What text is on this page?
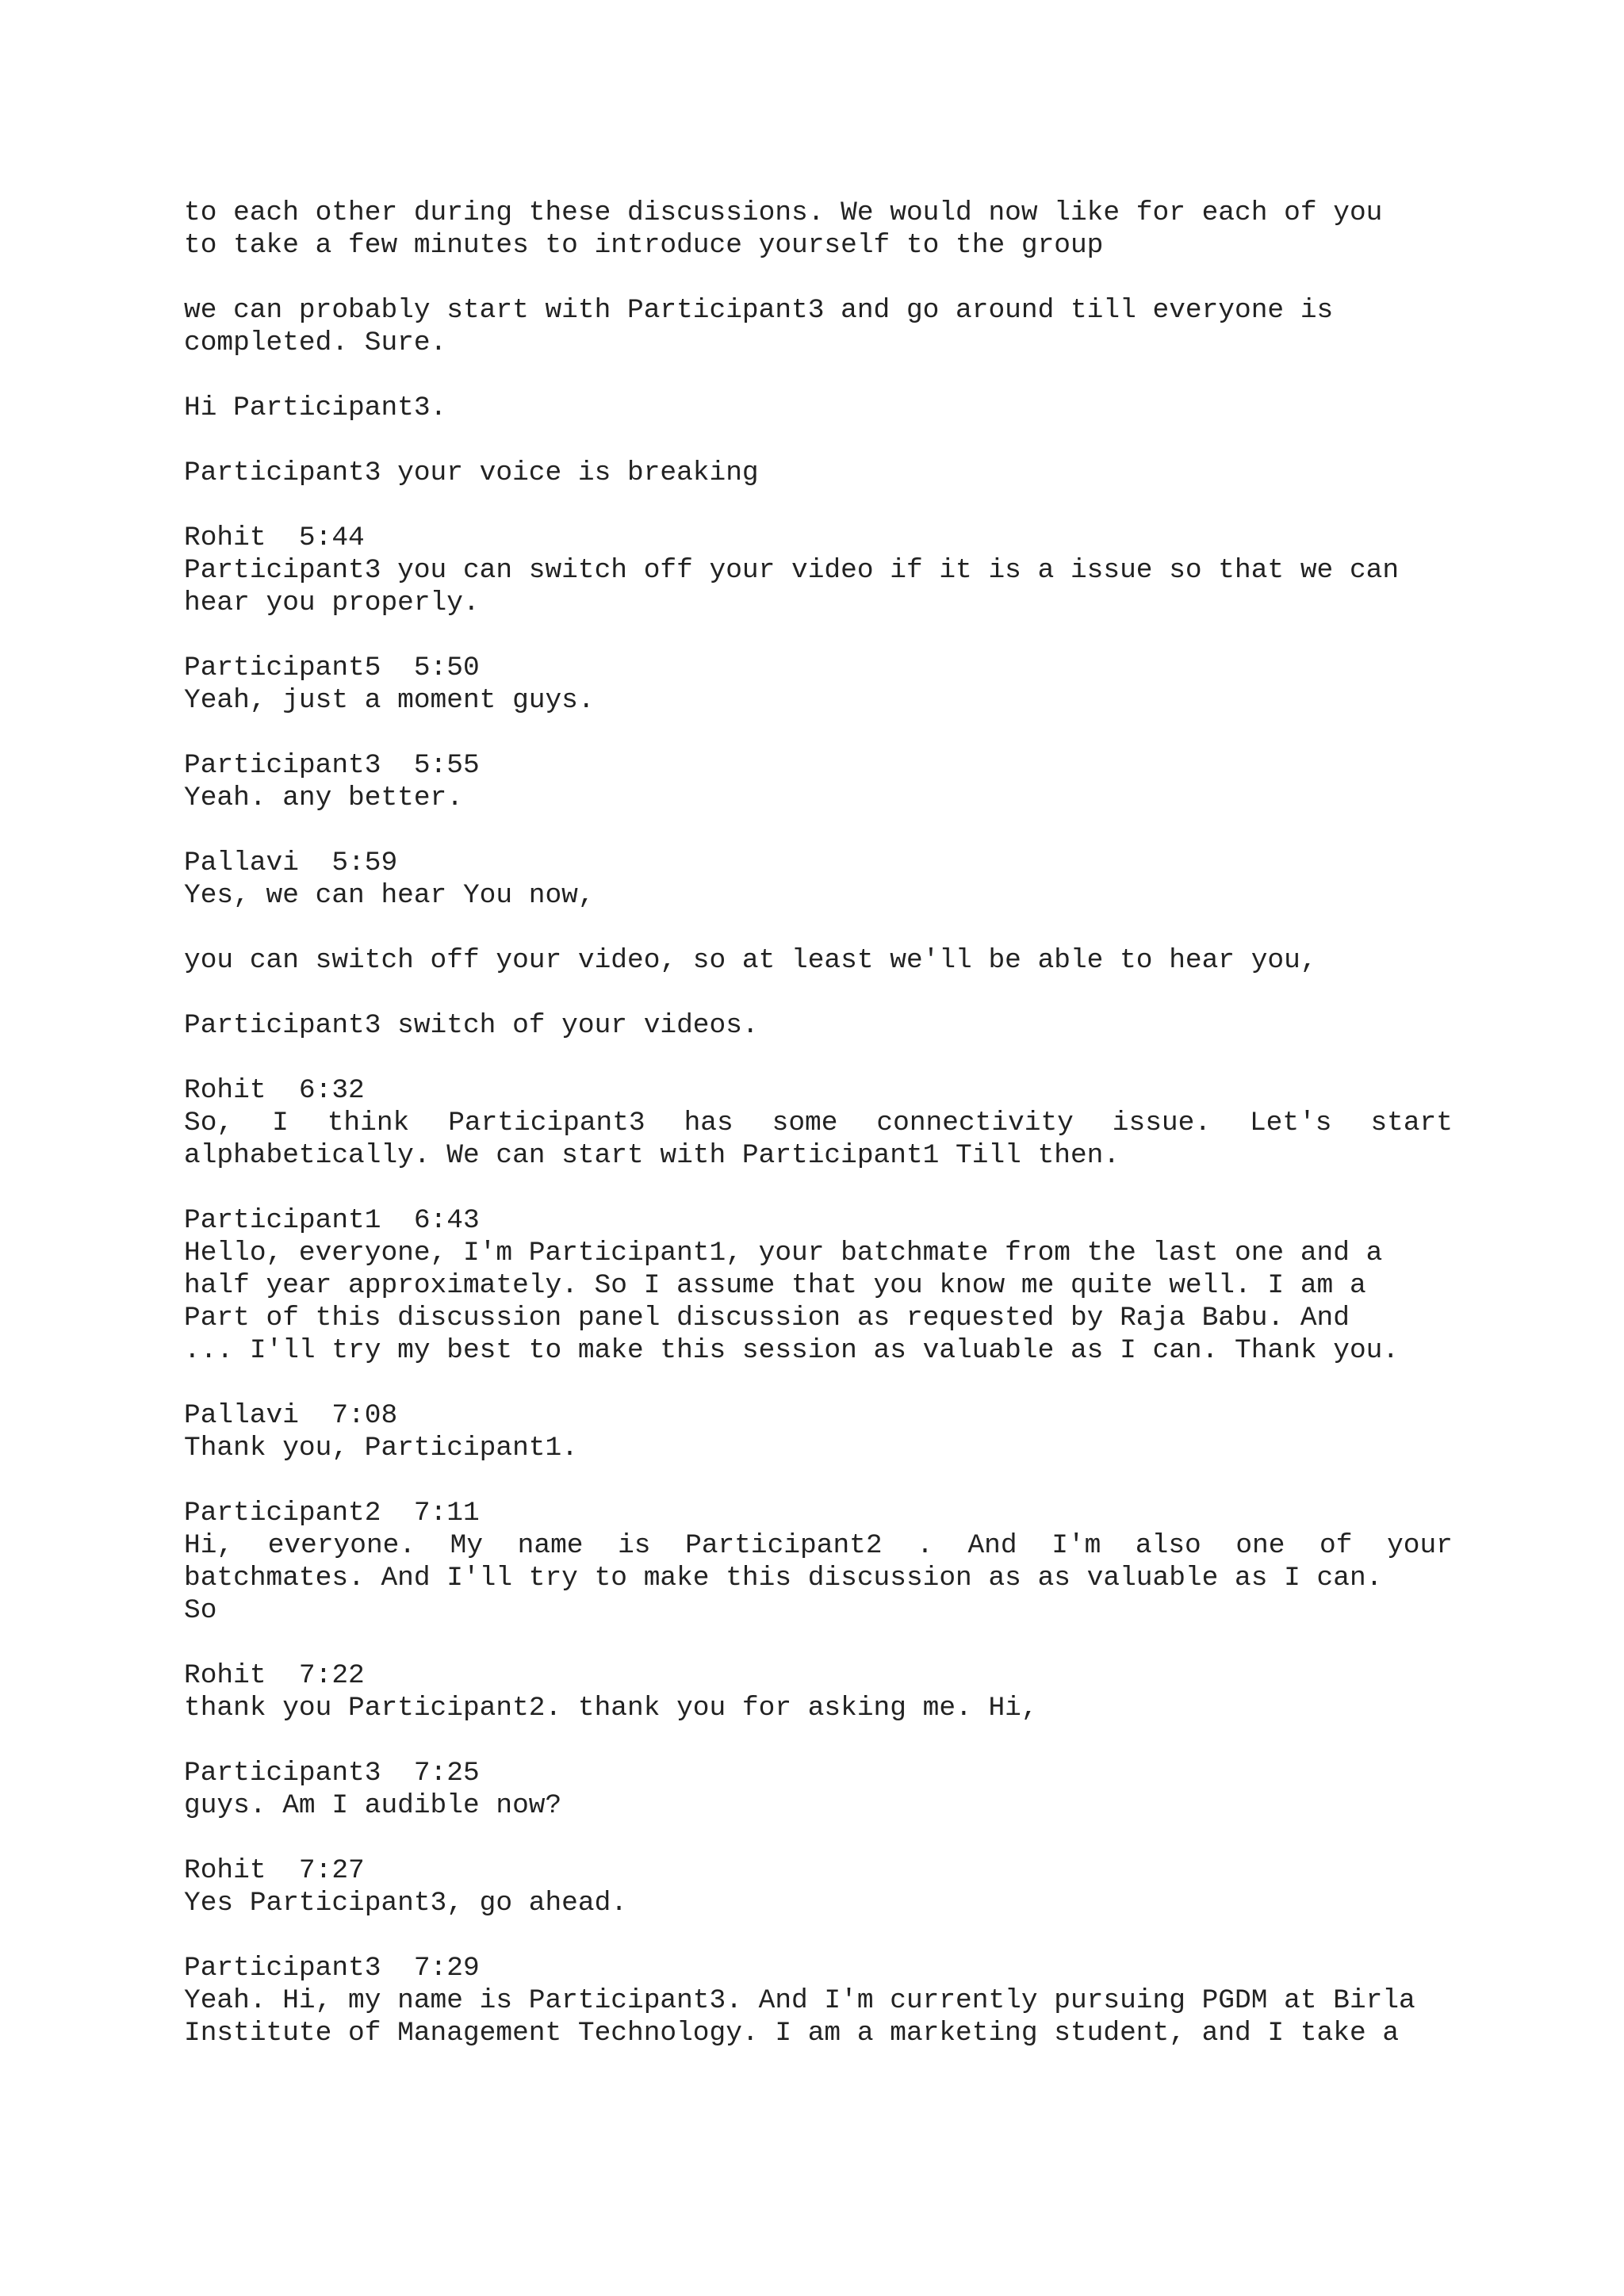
to each other during these discussions. We would now like for each of you
to take a few minutes to introduce yourself to the group
we can probably start with Participant3 and go around till everyone is
completed. Sure.
Hi Participant3.
Participant3 your voice is breaking
Rohit  5:44
Participant3 you can switch off your video if it is a issue so that we can
hear you properly.
Participant5  5:50
Yeah, just a moment guys.
Participant3  5:55
Yeah. any better.
Pallavi  5:59
Yes, we can hear You now,
you can switch off your video, so at least we'll be able to hear you,
Participant3 switch of your videos.
Rohit  6:32
So, I think Participant3 has some connectivity issue. Let's start
alphabetically. We can start with Participant1 Till then.
Participant1  6:43
Hello, everyone, I'm Participant1, your batchmate from the last one and a
half year approximately. So I assume that you know me quite well. I am a
Part of this discussion panel discussion as requested by Raja Babu. And
... I'll try my best to make this session as valuable as I can. Thank you.
Pallavi  7:08
Thank you, Participant1.
Participant2  7:11
Hi, everyone. My name is Participant2 . And I'm also one of your
batchmates. And I'll try to make this discussion as as valuable as I can.
So
Rohit  7:22
thank you Participant2. thank you for asking me. Hi,
Participant3  7:25
guys. Am I audible now?
Rohit  7:27
Yes Participant3, go ahead.
Participant3  7:29
Yeah. Hi, my name is Participant3. And I'm currently pursuing PGDM at Birla
Institute of Management Technology. I am a marketing student, and I take a
